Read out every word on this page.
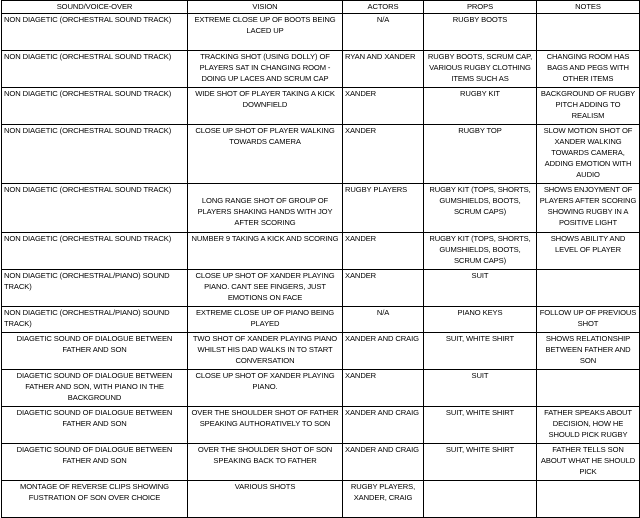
SOUND/VOICE-OVER	VISION	ACTORS	PROPS	NOTES
NON DIAGETIC (ORCHESTRAL SOUND TRACK)	EXTREME CLOSE UP OF BOOTS BEING LACED UP	N/A	RUGBY BOOTS	
NON DIAGETIC (ORCHESTRAL SOUND TRACK)	TRACKING SHOT (USING DOLLY) OF PLAYERS SAT IN CHANGING ROOM - DOING UP LACES AND SCRUM CAP	RYAN AND XANDER	RUGBY BOOTS, SCRUM CAP, VARIOUS RUGBY CLOTHING ITEMS SUCH AS	CHANGING ROOM HAS BAGS AND PEGS WITH OTHER ITEMS
NON DIAGETIC (ORCHESTRAL SOUND TRACK)	WIDE SHOT OF PLAYER TAKING A KICK DOWNFIELD	XANDER	RUGBY KIT	BACKGROUND OF RUGBY PITCH ADDING TO REALISM
NON DIAGETIC (ORCHESTRAL SOUND TRACK)	CLOSE UP SHOT OF PLAYER WALKING TOWARDS CAMERA	XANDER	RUGBY TOP	SLOW MOTION SHOT OF XANDER WALKING TOWARDS CAMERA, ADDING EMOTION WITH AUDIO
NON DIAGETIC (ORCHESTRAL SOUND TRACK)	LONG RANGE SHOT OF GROUP OF PLAYERS SHAKING HANDS WITH JOY AFTER SCORING	RUGBY PLAYERS	RUGBY KIT (TOPS, SHORTS, GUMSHIELDS, BOOTS, SCRUM CAPS)	SHOWS ENJOYMENT OF PLAYERS AFTER SCORING SHOWING RUGBY IN A POSITIVE LIGHT
NON DIAGETIC (ORCHESTRAL SOUND TRACK)	NUMBER 9 TAKING A KICK AND SCORING	XANDER	RUGBY KIT (TOPS, SHORTS, GUMSHIELDS, BOOTS, SCRUM CAPS)	SHOWS ABILITY AND LEVEL OF PLAYER
NON DIAGETIC (ORCHESTRAL/PIANO) SOUND TRACK)	CLOSE UP SHOT OF XANDER PLAYING PIANO. CANT SEE FINGERS, JUST EMOTIONS ON FACE	XANDER	SUIT	
NON DIAGETIC (ORCHESTRAL/PIANO) SOUND TRACK)	EXTREME CLOSE UP OF PIANO BEING PLAYED	N/A	PIANO KEYS	FOLLOW UP OF PREVIOUS SHOT
DIAGETIC SOUND OF DIALOGUE BETWEEN FATHER AND SON	TWO SHOT OF XANDER PLAYING PIANO WHILST HIS DAD WALKS IN TO START CONVERSATION	XANDER AND CRAIG	SUIT, WHITE SHIRT	SHOWS RELATIONSHIP BETWEEN FATHER AND SON
DIAGETIC SOUND OF DIALOGUE BETWEEN FATHER AND SON, WITH PIANO IN THE BACKGROUND	CLOSE UP SHOT OF XANDER PLAYING PIANO.	XANDER	SUIT	
DIAGETIC SOUND OF DIALOGUE BETWEEN FATHER AND SON	OVER THE SHOULDER SHOT OF FATHER SPEAKING AUTHORATIVELY TO SON	XANDER AND CRAIG	SUIT, WHITE SHIRT	FATHER SPEAKS ABOUT DECISION, HOW HE SHOULD PICK RUGBY
DIAGETIC SOUND OF DIALOGUE BETWEEN FATHER AND SON	OVER THE SHOULDER SHOT OF SON SPEAKING BACK TO FATHER	XANDER AND CRAIG	SUIT, WHITE SHIRT	FATHER TELLS SON ABOUT WHAT HE SHOULD PICK
MONTAGE OF REVERSE CLIPS SHOWING FUSTRATION OF SON OVER CHOICE	VARIOUS SHOTS	RUGBY PLAYERS, XANDER, CRAIG		
